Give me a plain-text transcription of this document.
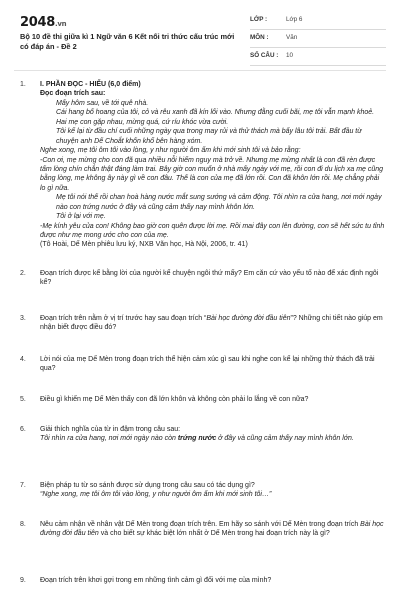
2048.vn
Bộ 10 đề thi giữa kì 1 Ngữ văn 6 Kết nối tri thức cấu trúc mới có đáp án - Đề 2
LỚP :	Lớp 6
MÔN :	Văn
SỐ CÂU :	10
1.	I. PHẦN ĐỌC - HIỂU (6,0 điểm)

Đọc đoạn trích sau:

Mấy hôm sau, về tới quê nhà.

Cái hang bố hoang của tôi, cỏ và rêu xanh đã kín lối vào. Nhưng đằng cuối bãi, mẹ tôi vẫn mạnh khoẻ. Hai mẹ con gặp nhau, mừng quá, cứ ríu khóc vừa cười.

Tôi kể lại từ đầu chí cuối những ngày qua trong may rủi và thử thách mà bấy lâu tôi trải. Bất đầu từ chuyện anh Dế Choắt khốn khổ bên hàng xóm.

Nghe xong, mẹ tôi ôm tôi vào lòng, y như người ôm ấm khi mới sinh tôi và bảo rằng:

-Con ơi, mẹ mừng cho con đã qua nhiều nỗi hiểm nguy mà trở về. Nhưng mẹ mừng nhất là con đã rèn được tấm lòng chín chắn thật đáng làm trai. Bây giờ con muốn ở nhà mấy ngày với mẹ, rồi con đi du lịch xa mẹ cũng bằng lòng, mẹ không ây này gì về con đâu. Thế là con của mẹ đã lớn rồi. Con đã khôn lớn rồi. Mẹ chẳng phải lo gì nữa.

Mẹ tôi nói thế rồi chan hoà hàng nước mắt sung sướng và cảm động. Tôi nhìn ra cửa hang, nơi mới ngày nào con trứng nước ở đây và cũng cảm thấy nay mình khôn lớn.

Tôi ở lại với mẹ.

-Mẹ kính yêu của con! Không bao giờ con quên được lời mẹ. Rồi mai đây con lên đường, con sẽ hết sức tu tỉnh được như mẹ mong ước cho con của mẹ.

(Tô Hoài, Dế Mèn phiêu lưu ký, NXB Văn học, Hà Nội, 2006, tr. 41)

2.	Đoạn trích được kể bằng lời của người kể chuyện ngôi thứ mấy? Em căn cứ vào yếu tố nào để xác định ngôi kể?

3.	Đoạn trích trên nằm ở vị trí trước hay sau đoạn trích “Bài học đường đời đầu tiên”? Những chi tiết nào giúp em nhận biết được điều đó?

4.	Lời nói của mẹ Dế Mèn trong đoạn trích thể hiện cảm xúc gì sau khi nghe con kể lại những thử thách đã trải qua?

5.	Điều gì khiến mẹ Dế Mèn thấy con đã lớn khôn và không còn phải lo lắng về con nữa?

6.	Giải thích nghĩa của từ in đậm trong câu sau:

Tôi nhìn ra cửa hang, nơi mới ngày nào còn trứng nước ở đây và cũng cảm thấy nay mình khôn lớn.

7.	Biện pháp tu từ so sánh được sử dụng trong câu sau có tác dụng gì?

“Nghe xong, mẹ tôi ôm tôi vào lòng, y như người ôm ấm khi mới sinh tôi…”

8.	Nêu cảm nhận về nhân vật Dế Mèn trong đoạn trích trên. Em hãy so sánh với Dế Mèn trong đoạn trích Bài học đường đời đầu tiên và cho biết sự khác biệt lớn nhất ở Dế Mèn trong hai đoạn trích này là gì?

9.	Đoạn trích trên khơi gợi trong em những tình cảm gì đối với mẹ của mình?
